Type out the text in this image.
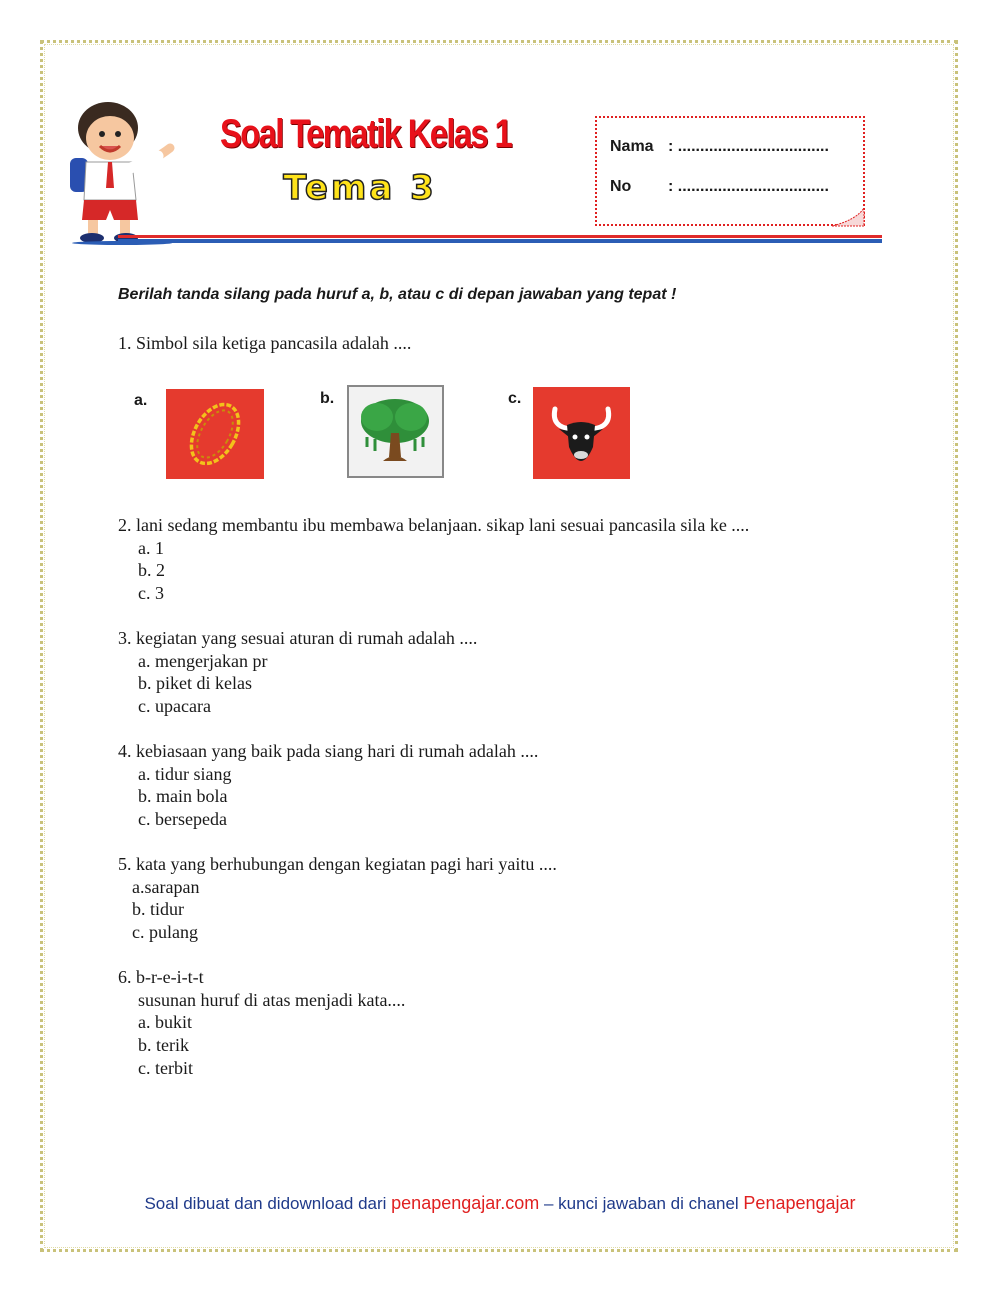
Soal Tematik Kelas 1
Tema 3
Nama : ..................................
No : ..................................
Berilah tanda silang pada huruf a, b, atau c di depan jawaban yang tepat !
1. Simbol sila ketiga pancasila adalah ....
a.	b.	c.
2. lani sedang membantu ibu membawa belanjaan. sikap lani sesuai pancasila sila ke ....
a. 1
b. 2
c. 3
3. kegiatan yang sesuai aturan di rumah adalah ....
a. mengerjakan pr
b. piket di kelas
c. upacara
4. kebiasaan yang baik pada siang hari di rumah adalah ....
a. tidur siang
b. main bola
c. bersepeda
5. kata yang berhubungan dengan kegiatan pagi hari yaitu ....
a.sarapan
b. tidur
c. pulang
6. b-r-e-i-t-t
susunan huruf di atas menjadi kata....
a. bukit
b. terik
c. terbit
Soal dibuat dan didownload dari penapengajar.com – kunci jawaban di chanel Penapengajar
